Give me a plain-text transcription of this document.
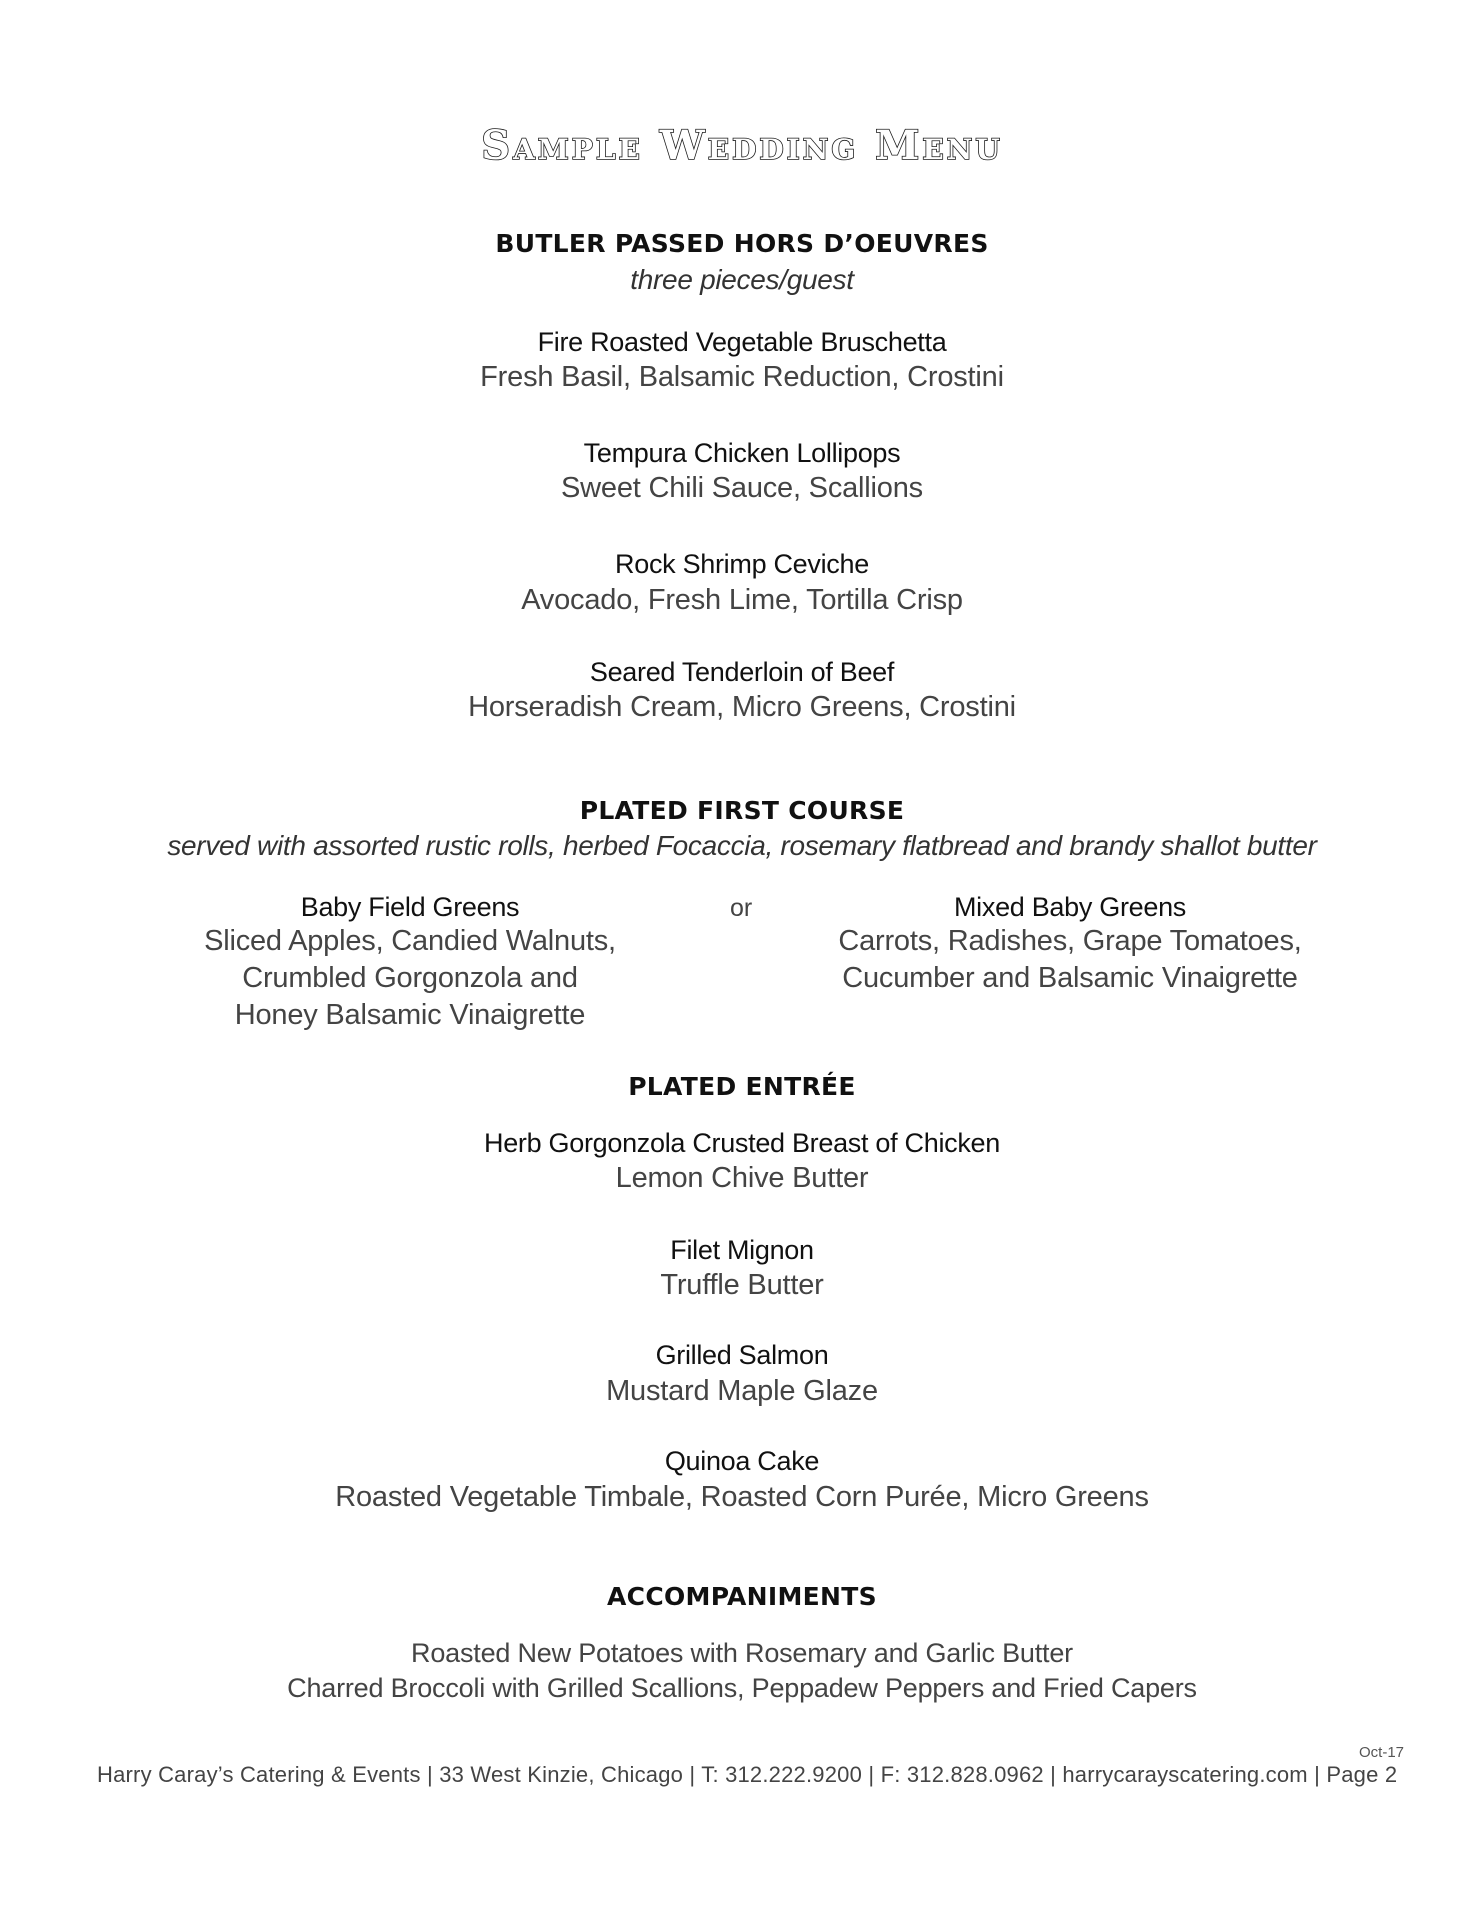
Sample Wedding Menu
BUTLER PASSED HORS D’OEUVRES
three pieces/guest
Fire Roasted Vegetable Bruschetta
Fresh Basil, Balsamic Reduction, Crostini
Tempura Chicken Lollipops
Sweet Chili Sauce, Scallions
Rock Shrimp Ceviche
Avocado, Fresh Lime, Tortilla Crisp
Seared Tenderloin of Beef
Horseradish Cream, Micro Greens, Crostini
PLATED FIRST COURSE
served with assorted rustic rolls, herbed Focaccia, rosemary flatbread and brandy shallot butter
Baby Field Greens
Sliced Apples, Candied Walnuts,
Crumbled Gorgonzola and
Honey Balsamic Vinaigrette
or	Mixed Baby Greens
Carrots, Radishes, Grape Tomatoes,
Cucumber and Balsamic Vinaigrette
PLATED ENTRÉE
Herb Gorgonzola Crusted Breast of Chicken
Lemon Chive Butter
Filet Mignon
Truffle Butter
Grilled Salmon
Mustard Maple Glaze
Quinoa Cake
Roasted Vegetable Timbale, Roasted Corn Purée, Micro Greens
ACCOMPANIMENTS
Roasted New Potatoes with Rosemary and Garlic Butter
Charred Broccoli with Grilled Scallions, Peppadew Peppers and Fried Capers
Oct-17
Harry Caray’s Catering & Events | 33 West Kinzie, Chicago | T: 312.222.9200 | F: 312.828.0962 | harrycarayscatering.com | Page 2
